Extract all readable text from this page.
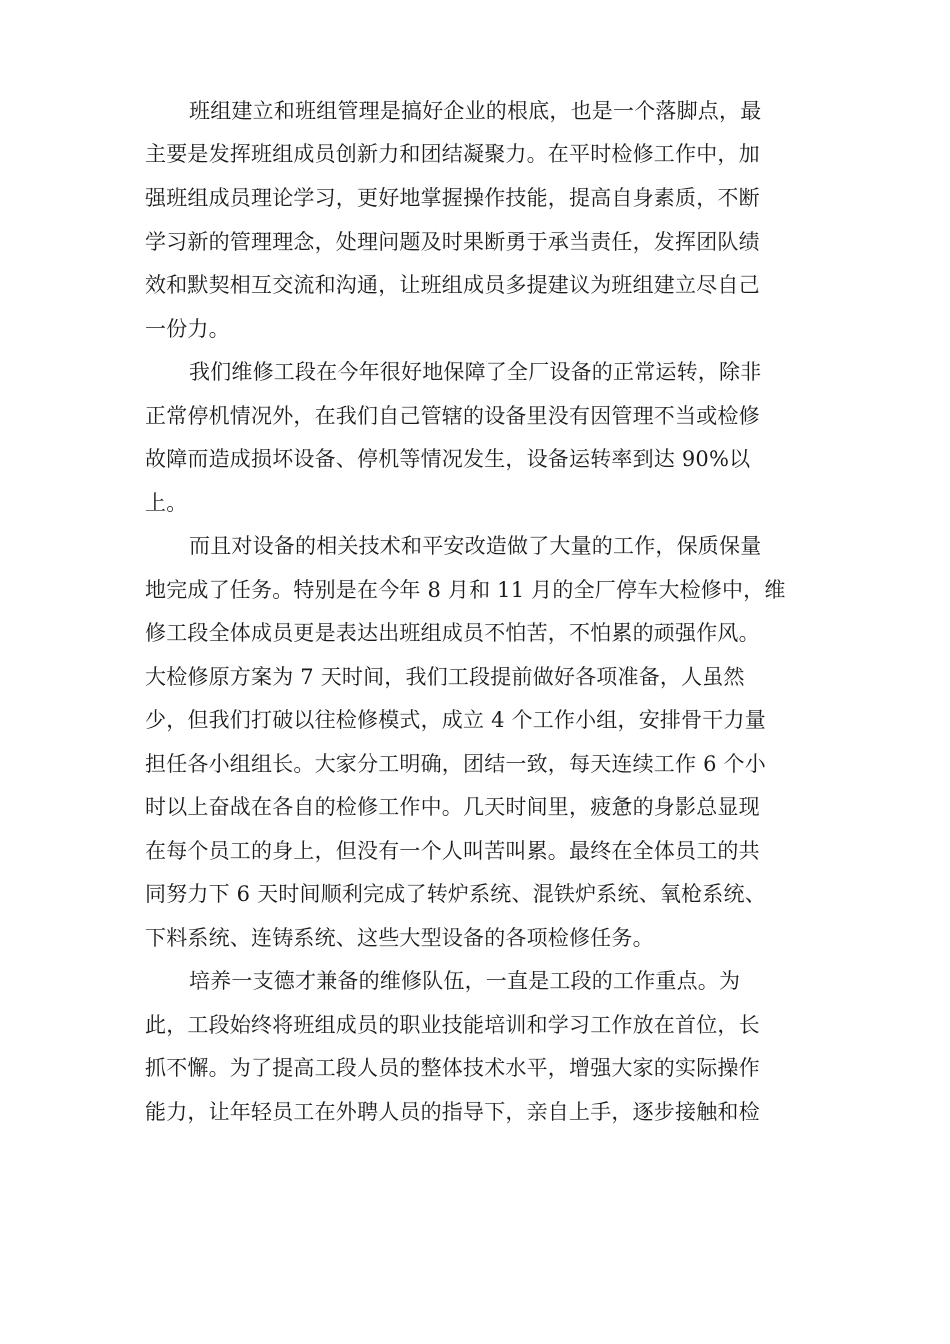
班组建立和班组管理是搞好企业的根底，也是一个落脚点，最

主要是发挥班组成员创新力和团结凝聚力。在平时检修工作中，加

强班组成员理论学习，更好地掌握操作技能，提高自身素质，不断

学习新的管理理念，处理问题及时果断勇于承当责任，发挥团队绩

效和默契相互交流和沟通，让班组成员多提建议为班组建立尽自己

一份力。

我们维修工段在今年很好地保障了全厂设备的正常运转，除非

正常停机情况外，在我们自己管辖的设备里没有因管理不当或检修

故障而造成损坏设备、停机等情况发生，设备运转率到达 90%以

上。

而且对设备的相关技术和平安改造做了大量的工作，保质保量

地完成了任务。特别是在今年 8 月和 11 月的全厂停车大检修中，维

修工段全体成员更是表达出班组成员不怕苦，不怕累的顽强作风。

大检修原方案为 7 天时间，我们工段提前做好各项准备，人虽然

少，但我们打破以往检修模式，成立 4 个工作小组，安排骨干力量

担任各小组组长。大家分工明确，团结一致，每天连续工作 6 个小

时以上奋战在各自的检修工作中。几天时间里，疲惫的身影总显现

在每个员工的身上，但没有一个人叫苦叫累。最终在全体员工的共

同努力下 6 天时间顺利完成了转炉系统、混铁炉系统、氧枪系统、

下料系统、连铸系统、这些大型设备的各项检修任务。

培养一支德才兼备的维修队伍，一直是工段的工作重点。为

此，工段始终将班组成员的职业技能培训和学习工作放在首位，长

抓不懈。为了提高工段人员的整体技术水平，增强大家的实际操作

能力，让年轻员工在外聘人员的指导下，亲自上手，逐步接触和检
